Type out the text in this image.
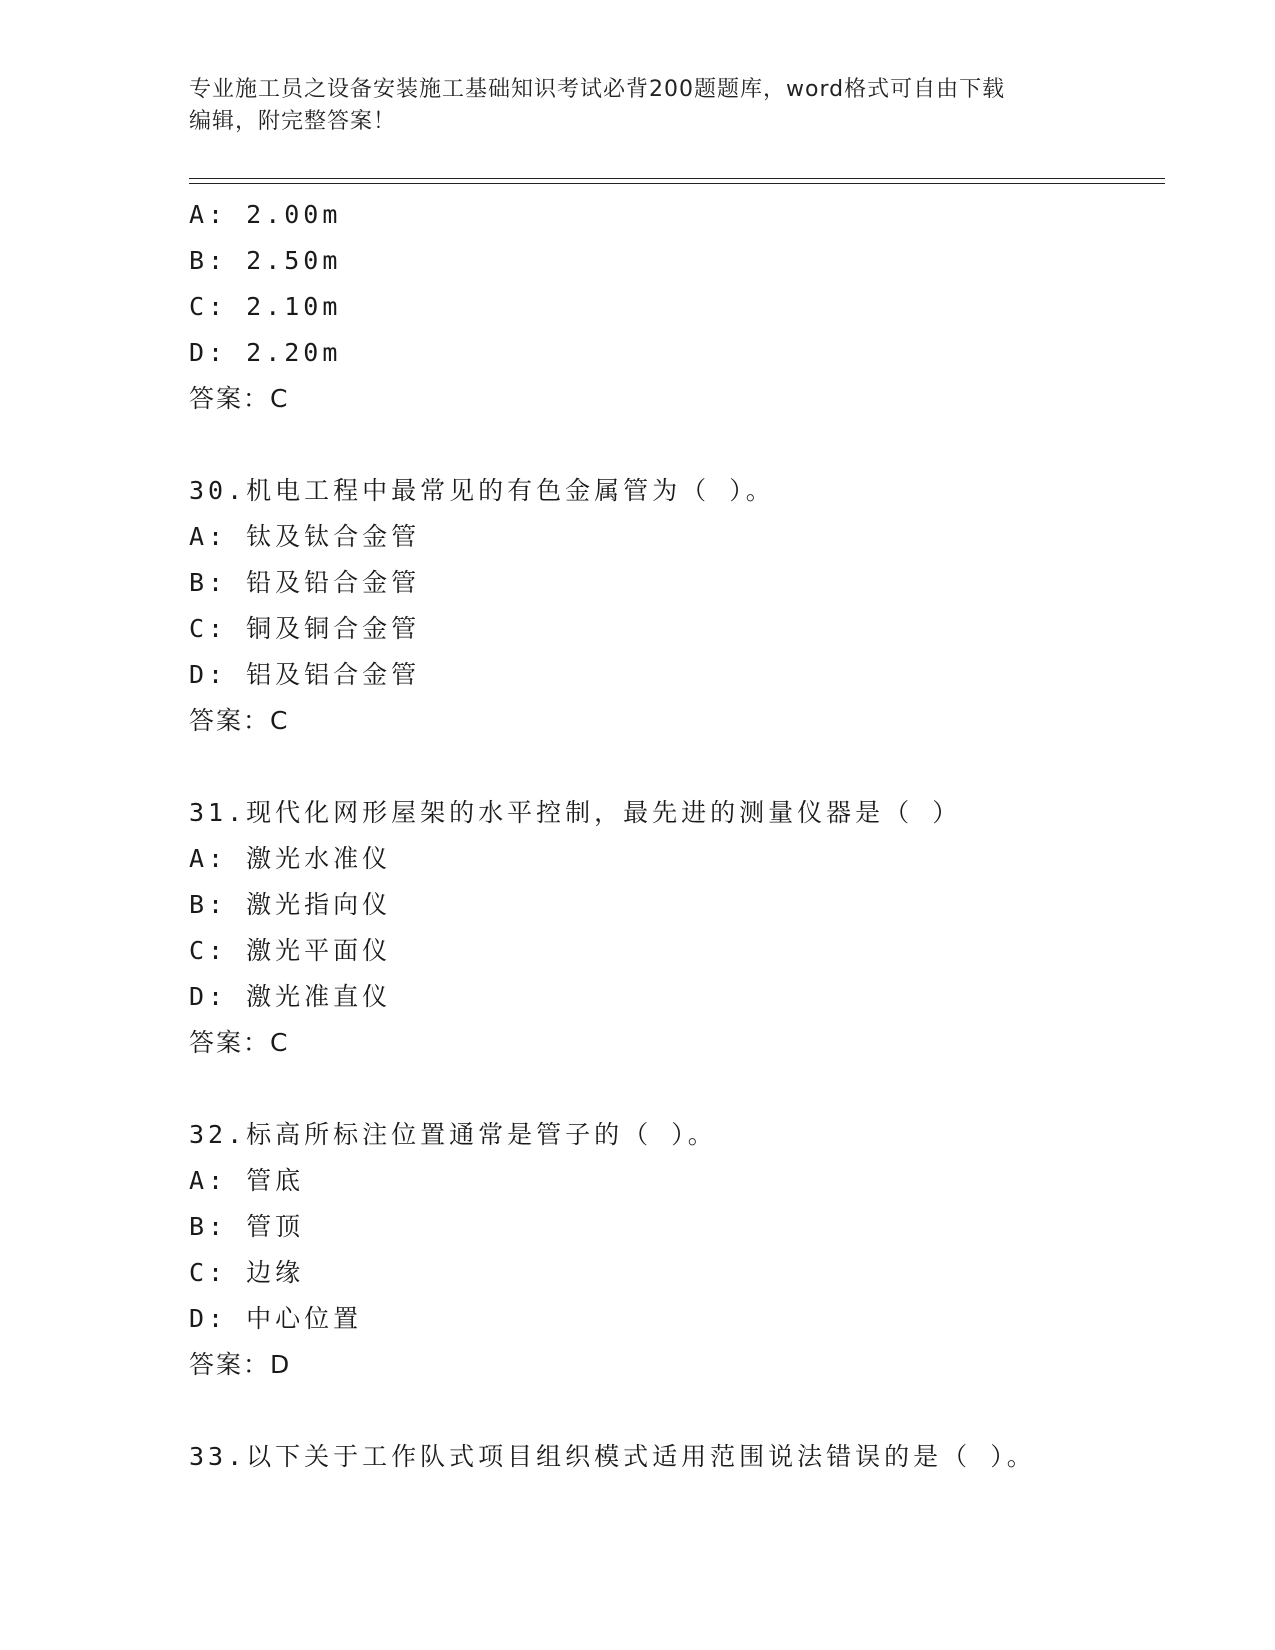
专业施工员之设备安装施工基础知识考试必背200题题库，word格式可自由下载
编辑，附完整答案！
A: 2.00m
B: 2.50m
C: 2.10m
D: 2.20m
答案：C
30.机电工程中最常见的有色金属管为（ ）。
A: 钛及钛合金管
B: 铅及铅合金管
C: 铜及铜合金管
D: 铝及铝合金管
答案：C
31.现代化网形屋架的水平控制，最先进的测量仪器是（ ）
A: 激光水准仪
B: 激光指向仪
C: 激光平面仪
D: 激光准直仪
答案：C
32.标高所标注位置通常是管子的（ ）。
A: 管底
B: 管顶
C: 边缘
D: 中心位置
答案：D
33.以下关于工作队式项目组织模式适用范围说法错误的是（ ）。
